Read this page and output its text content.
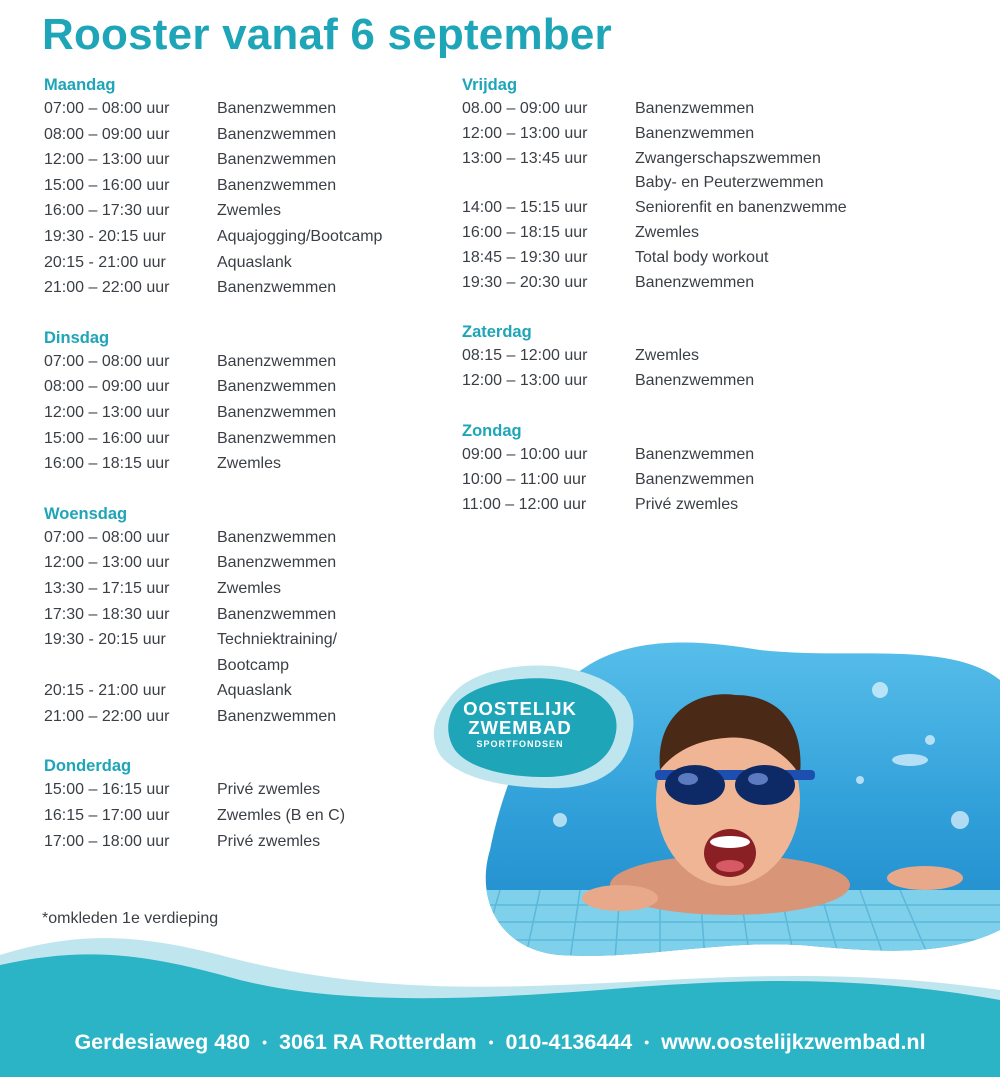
Rooster vanaf 6 september
Maandag
07:00 – 08:00 uur	Banenzwemmen
08:00 – 09:00 uur	Banenzwemmen
12:00 – 13:00 uur	Banenzwemmen
15:00 – 16:00 uur	Banenzwemmen
16:00 – 17:30 uur	Zwemles
19:30 - 20:15 uur	Aquajogging/Bootcamp
20:15 - 21:00 uur	Aquaslank
21:00 – 22:00 uur	Banenzwemmen
Dinsdag
07:00 – 08:00 uur	Banenzwemmen
08:00 – 09:00 uur	Banenzwemmen
12:00 – 13:00 uur	Banenzwemmen
15:00 – 16:00 uur	Banenzwemmen
16:00 – 18:15 uur	Zwemles
Woensdag
07:00 – 08:00 uur	Banenzwemmen
12:00 – 13:00 uur	Banenzwemmen
13:30 – 17:15 uur	Zwemles
17:30 – 18:30 uur	Banenzwemmen
19:30 - 20:15 uur	Techniektraining/
Bootcamp
20:15 - 21:00 uur	Aquaslank
21:00 – 22:00 uur	Banenzwemmen
Donderdag
15:00 – 16:15 uur	Privé zwemles
16:15 – 17:00 uur	Zwemles (B en C)
17:00 – 18:00 uur	Privé zwemles
Vrijdag
08.00 – 09:00 uur	Banenzwemmen
12:00 – 13:00 uur	Banenzwemmen
13:00 – 13:45 uur	Zwangerschapszwemmen
Baby- en Peuterzwemmen
14:00 – 15:15 uur	Seniorenfit en banenzwemme
16:00 – 18:15 uur	Zwemles
18:45 – 19:30 uur	Total body workout
19:30 – 20:30 uur	Banenzwemmen
Zaterdag
08:15 – 12:00 uur	Zwemles
12:00 – 13:00 uur	Banenzwemmen
Zondag
09:00 – 10:00 uur	Banenzwemmen
10:00 – 11:00 uur	Banenzwemmen
11:00 – 12:00 uur	Privé zwemles
OOSTELIJK
ZWEMBAD
SPORTFONDSEN
*omkleden 1e verdieping
Gerdesiaweg 480 • 3061 RA Rotterdam • 010-4136444 • www.oostelijkzwembad.nl
